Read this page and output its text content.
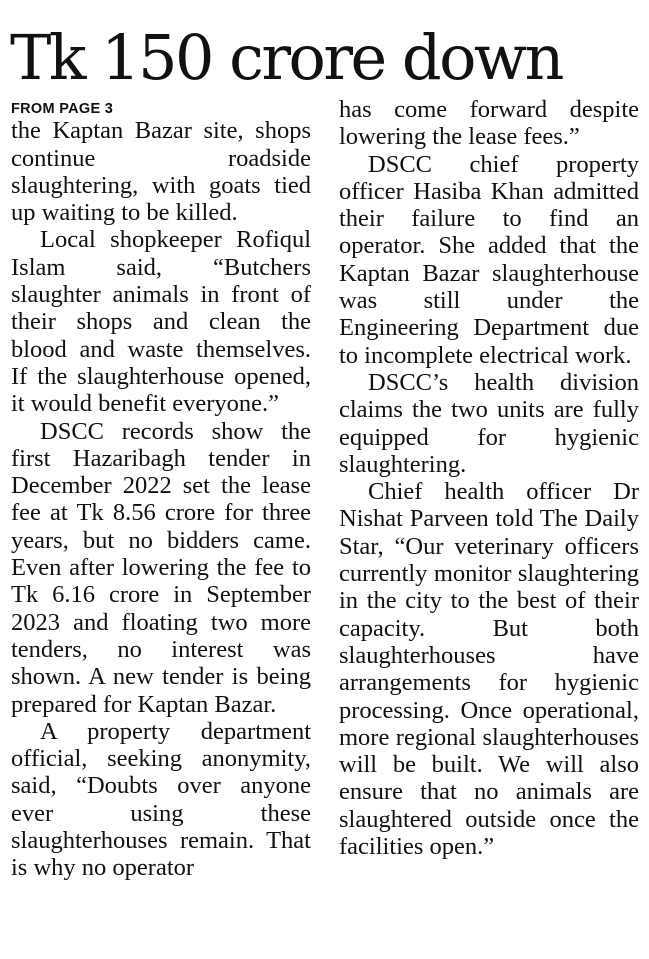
Tk 150 crore down
FROM PAGE 3

the Kaptan Bazar site, shops continue roadside slaughtering, with goats tied up waiting to be killed.

Local shopkeeper Rofiqul Islam said, “Butchers slaughter animals in front of their shops and clean the blood and waste themselves. If the slaughterhouse opened, it would benefit everyone.”

DSCC records show the first Hazaribagh tender in December 2022 set the lease fee at Tk 8.56 crore for three years, but no bidders came. Even after lowering the fee to Tk 6.16 crore in September 2023 and floating two more tenders, no interest was shown. A new tender is being prepared for Kaptan Bazar.

A property department official, seeking anonymity, said, “Doubts over anyone ever using these slaughterhouses remain. That is why no operator

has come forward despite lowering the lease fees.”

DSCC chief property officer Hasiba Khan admitted their failure to find an operator. She added that the Kaptan Bazar slaughterhouse was still under the Engineering Department due to incomplete electrical work.

DSCC’s health division claims the two units are fully equipped for hygienic slaughtering.

Chief health officer Dr Nishat Parveen told The Daily Star, “Our veterinary officers currently monitor slaughtering in the city to the best of their capacity. But both slaughterhouses have arrangements for hygienic processing. Once operational, more regional slaughterhouses will be built. We will also ensure that no animals are slaughtered outside once the facilities open.”
